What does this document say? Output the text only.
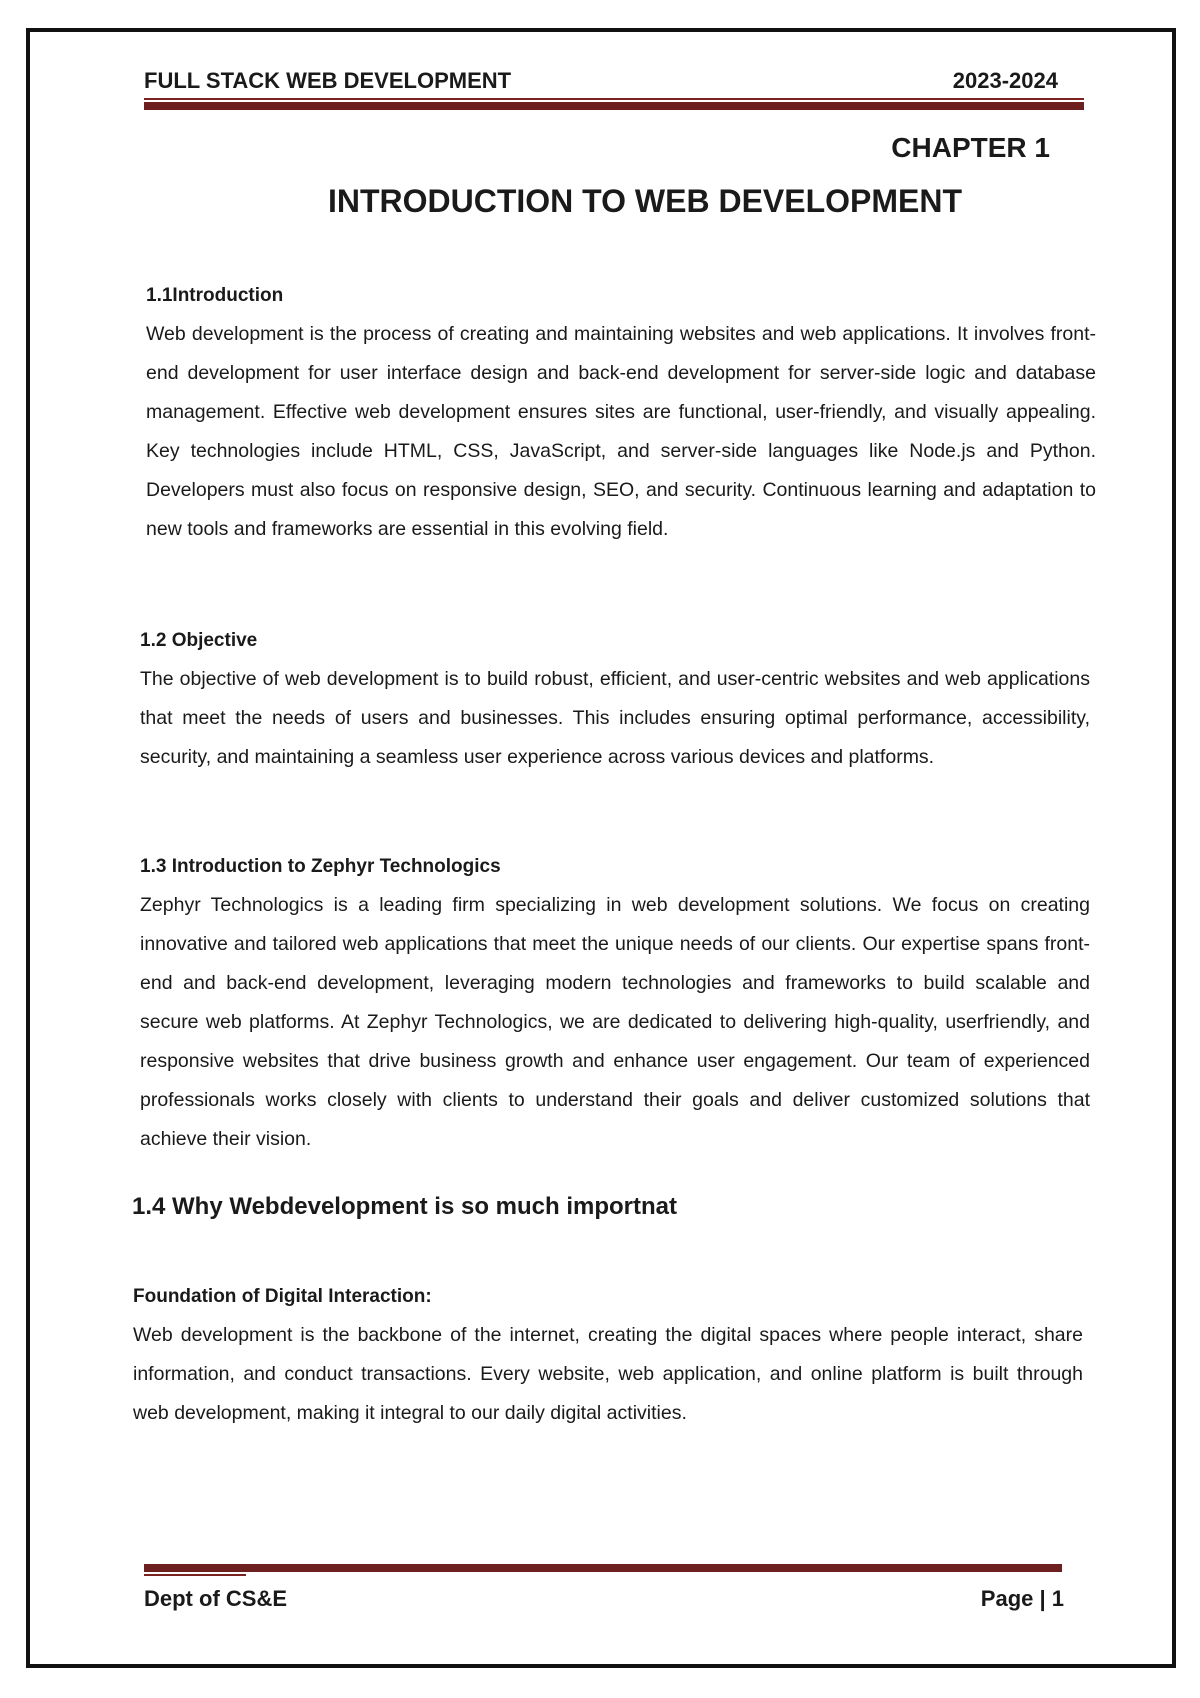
FULL STACK WEB DEVELOPMENT	2023-2024
CHAPTER 1
INTRODUCTION TO WEB DEVELOPMENT
1.1Introduction

Web development is the process of creating and maintaining websites and web applications. It involves front-end development for user interface design and back-end development for server-side logic and database management. Effective web development ensures sites are functional, user-friendly, and visually appealing. Key technologies include HTML, CSS, JavaScript, and server-side languages like Node.js and Python. Developers must also focus on responsive design, SEO, and security. Continuous learning and adaptation to new tools and frameworks are essential in this evolving field.

1.2 Objective

The objective of web development is to build robust, efficient, and user-centric websites and web applications that meet the needs of users and businesses. This includes ensuring optimal performance, accessibility, security, and maintaining a seamless user experience across various devices and platforms.

1.3 Introduction to Zephyr Technologics

Zephyr Technologics is a leading firm specializing in web development solutions. We focus on creating innovative and tailored web applications that meet the unique needs of our clients. Our expertise spans front-end and back-end development, leveraging modern technologies and frameworks to build scalable and secure web platforms. At Zephyr Technologics, we are dedicated to delivering high-quality, userfriendly, and responsive websites that drive business growth and enhance user engagement. Our team of experienced professionals works closely with clients to understand their goals and deliver customized solutions that achieve their vision.

1.4 Why Webdevelopment is so much importnat
Foundation of Digital Interaction:

Web development is the backbone of the internet, creating the digital spaces where people interact, share information, and conduct transactions. Every website, web application, and online platform is built through web development, making it integral to our daily digital activities.

Dept of CS&E	Page | 1
